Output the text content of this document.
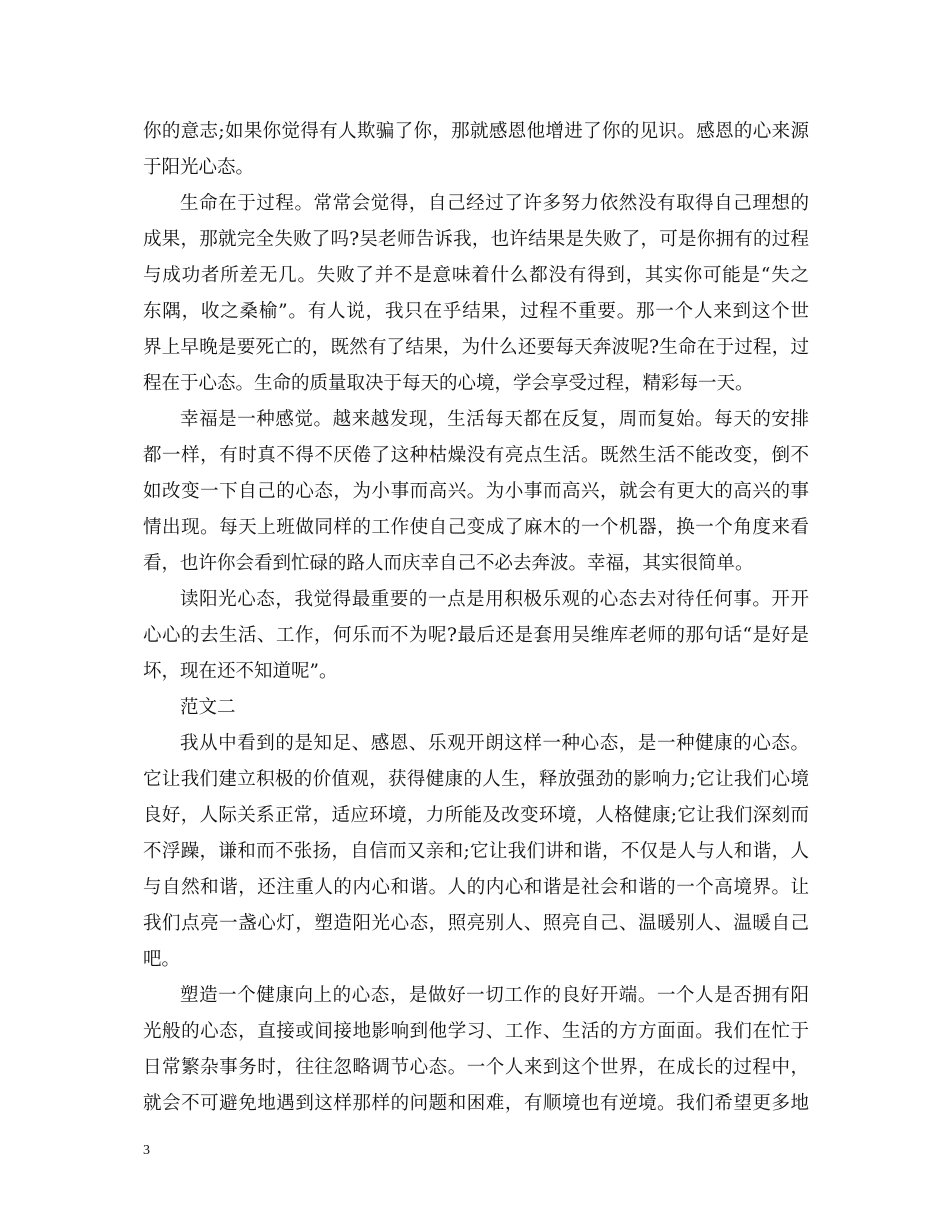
你的意志;如果你觉得有人欺骗了你，那就感恩他增进了你的见识。感恩的心来源
于阳光心态。
生命在于过程。常常会觉得，自己经过了许多努力依然没有取得自己理想的
成果，那就完全失败了吗?吴老师告诉我，也许结果是失败了，可是你拥有的过程
与成功者所差无几。失败了并不是意味着什么都没有得到，其实你可能是“失之
东隅，收之桑榆”。有人说，我只在乎结果，过程不重要。那一个人来到这个世
界上早晚是要死亡的，既然有了结果，为什么还要每天奔波呢?生命在于过程，过
程在于心态。生命的质量取决于每天的心境，学会享受过程，精彩每一天。
幸福是一种感觉。越来越发现，生活每天都在反复，周而复始。每天的安排
都一样，有时真不得不厌倦了这种枯燥没有亮点生活。既然生活不能改变，倒不
如改变一下自己的心态，为小事而高兴。为小事而高兴，就会有更大的高兴的事
情出现。每天上班做同样的工作使自己变成了麻木的一个机器，换一个角度来看
看，也许你会看到忙碌的路人而庆幸自己不必去奔波。幸福，其实很简单。
读阳光心态，我觉得最重要的一点是用积极乐观的心态去对待任何事。开开
心心的去生活、工作，何乐而不为呢?最后还是套用吴维库老师的那句话“是好是
坏，现在还不知道呢”。
范文二
我从中看到的是知足、感恩、乐观开朗这样一种心态，是一种健康的心态。
它让我们建立积极的价值观，获得健康的人生，释放强劲的影响力;它让我们心境
良好，人际关系正常，适应环境，力所能及改变环境，人格健康;它让我们深刻而
不浮躁，谦和而不张扬，自信而又亲和;它让我们讲和谐，不仅是人与人和谐，人
与自然和谐，还注重人的内心和谐。人的内心和谐是社会和谐的一个高境界。让
我们点亮一盏心灯，塑造阳光心态，照亮别人、照亮自己、温暖别人、温暖自己
吧。
塑造一个健康向上的心态，是做好一切工作的良好开端。一个人是否拥有阳
光般的心态，直接或间接地影响到他学习、工作、生活的方方面面。我们在忙于
日常繁杂事务时，往往忽略调节心态。一个人来到这个世界，在成长的过程中，
就会不可避免地遇到这样那样的问题和困难，有顺境也有逆境。我们希望更多地
3
